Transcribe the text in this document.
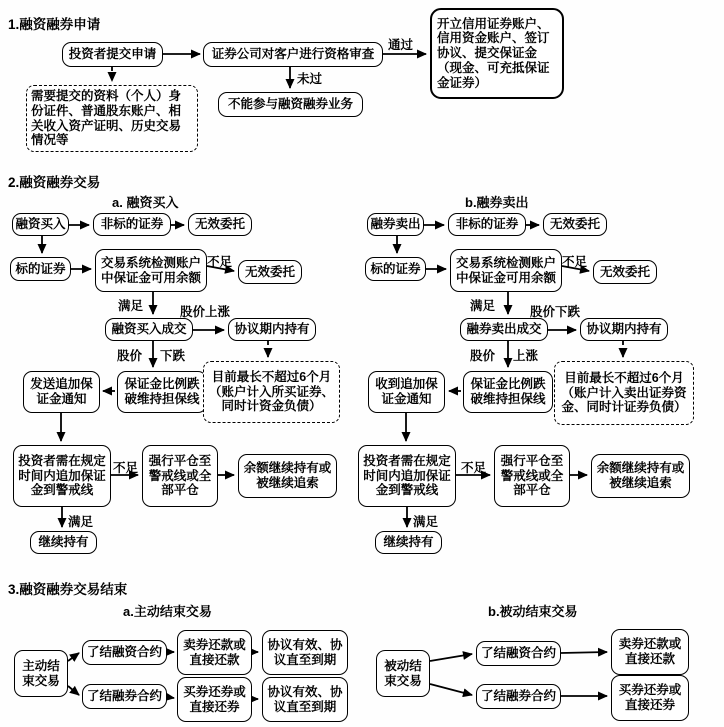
1.融资融券申请
投资者提交申请	证券公司对客户进行资格审查
开立信用证券账户、信用资金账户、签订协议、提交保证金（现金、可充抵保证金证券）
不能参与融资融券业务
需要提交的资料（个人）身份证件、普通股东账户、相关收入资产证明、历史交易情况等
通过
未过
2.融资融券交易
a. 融资买入	b.融券卖出
融资买入	非标的证券	无效委托
标的证券	交易系统检测账户中保证金可用余额	无效委托
融资买入成交	协议期内持有
保证金比例跌破维持担保线
发送追加保证金通知
目前最长不超过6个月（账户计入所买证券、同时计资金负债）
投资者需在规定时间内追加保证金到警戒线
强行平仓至警戒线或全部平仓
余额继续持有或被继续追索
继续持有
不足
满足	股价上涨
股价 下跌
不足
满足
融券卖出	非标的证券	无效委托
标的证券	交易系统检测账户中保证金可用余额	无效委托
融券卖出成交	协议期内持有
保证金比例跌破维持担保线
收到追加保证金通知
目前最长不超过6个月（账户计入卖出证券资金、同时计证券负债）
投资者需在规定时间内追加保证金到警戒线
强行平仓至警戒线或全部平仓
余额继续持有或被继续追索
继续持有
不足
满足	股价下跌
股价 上涨
不足
满足
3.融资融券交易结束
a.主动结束交易	b.被动结束交易
主动结束交易
了结融资合约
了结融券合约
卖券还款或直接还款
买券还券或直接还券
协议有效、协议直至到期
协议有效、协议直至到期
被动结束交易
了结融资合约
了结融券合约
卖券还款或直接还款
买券还券或直接还券
